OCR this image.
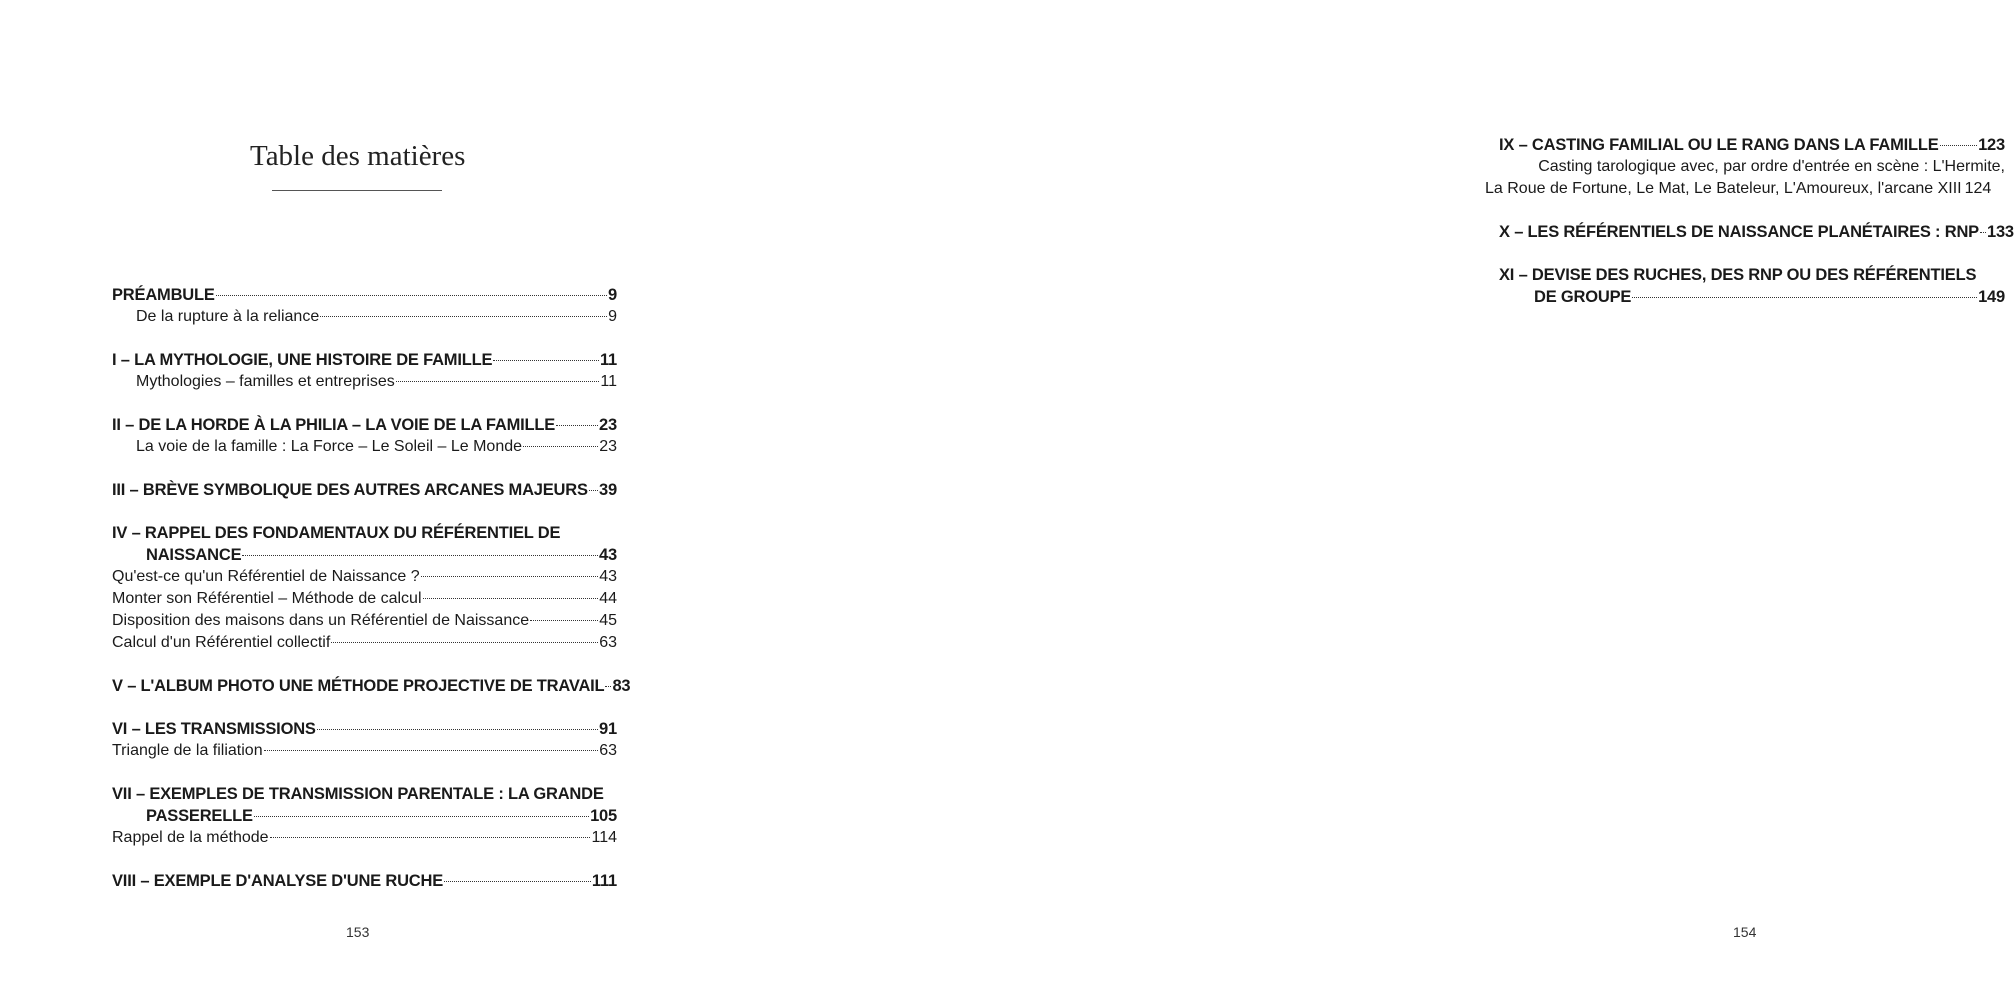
Table des matières
PRÉAMBULE	9
De la rupture à la reliance	9
I – LA MYTHOLOGIE, UNE HISTOIRE DE FAMILLE	11
Mythologies – familles et entreprises	11
II – DE LA HORDE À LA PHILIA – LA VOIE DE LA FAMILLE	23
La voie de la famille : La Force – Le Soleil – Le Monde	23
III – BRÈVE SYMBOLIQUE DES AUTRES ARCANES MAJEURS 39
IV – RAPPEL DES FONDAMENTAUX DU RÉFÉRENTIEL DE
NAISSANCE	43
Qu'est-ce qu'un Référentiel de Naissance ?	43
Monter son Référentiel – Méthode de calcul	44
Disposition des maisons dans un Référentiel de Naissance	45
Calcul d'un Référentiel collectif	63
V – L'ALBUM PHOTO UNE MÉTHODE PROJECTIVE DE TRAVAIL 83
VI – LES TRANSMISSIONS	91
Triangle de la filiation	63
VII – EXEMPLES DE TRANSMISSION PARENTALE : LA GRANDE
PASSERELLE	105
Rappel de la méthode	114
VIII – EXEMPLE D'ANALYSE D'UNE RUCHE	111
153
IX – CASTING FAMILIAL OU LE RANG DANS LA FAMILLE 123
Casting tarologique avec, par ordre d'entrée en scène : L'Hermite,
La Roue de Fortune, Le Mat, Le Bateleur, L'Amoureux, l'arcane XIII 124
X – LES RÉFÉRENTIELS DE NAISSANCE PLANÉTAIRES : RNP 133
XI – DEVISE DES RUCHES, DES RNP OU DES RÉFÉRENTIELS
DE GROUPE	149
154
